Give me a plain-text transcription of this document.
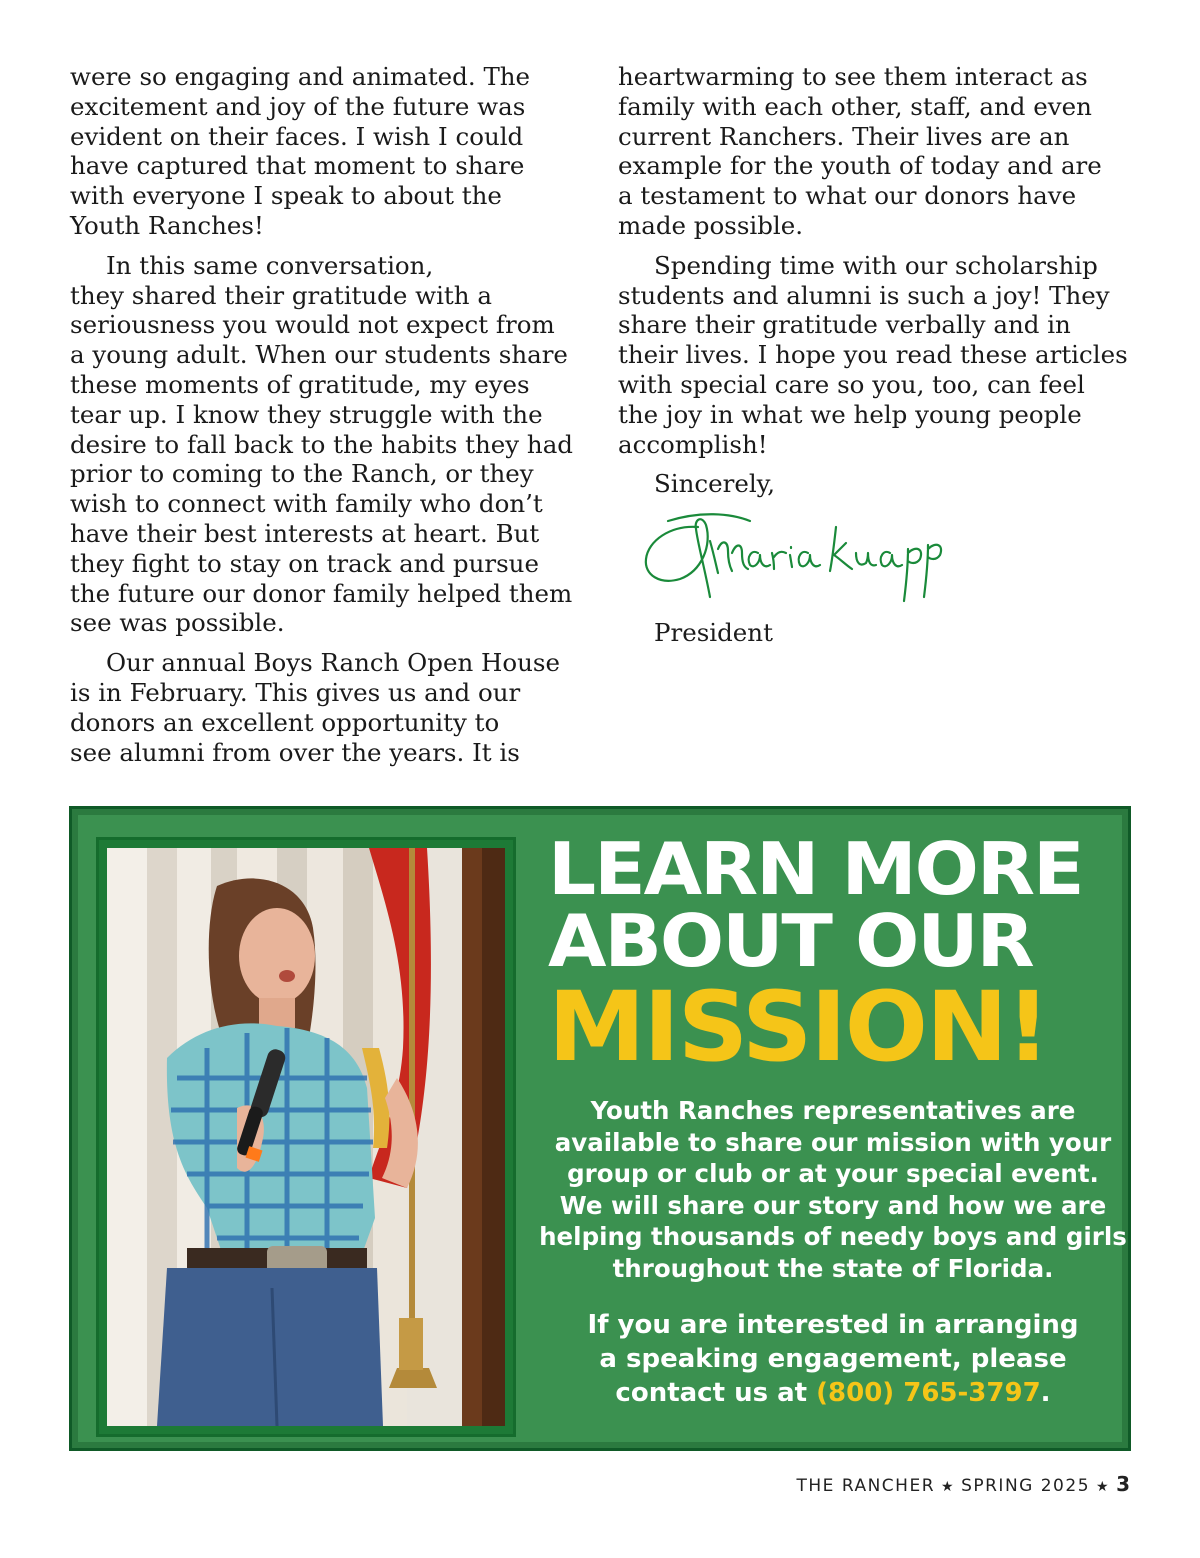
were so engaging and animated. The
excitement and joy of the future was
evident on their faces. I wish I could
have captured that moment to share
with everyone I speak to about the
Youth Ranches!

In this same conversation,
they shared their gratitude with a
seriousness you would not expect from
a young adult. When our students share
these moments of gratitude, my eyes
tear up. I know they struggle with the
desire to fall back to the habits they had
prior to coming to the Ranch, or they
wish to connect with family who don’t
have their best interests at heart. But
they fight to stay on track and pursue
the future our donor family helped them
see was possible.

Our annual Boys Ranch Open House
is in February. This gives us and our
donors an excellent opportunity to
see alumni from over the years. It is

heartwarming to see them interact as
family with each other, staff, and even
current Ranchers. Their lives are an
example for the youth of today and are
a testament to what our donors have
made possible.

Spending time with our scholarship
students and alumni is such a joy! They
share their gratitude verbally and in
their lives. I hope you read these articles
with special care so you, too, can feel
the joy in what we help young people
accomplish!

Sincerely,

President

LEARN MORE
ABOUT OUR
MISSION!

Youth Ranches representatives are
available to share our mission with your
group or club or at your special event.
We will share our story and how we are
helping thousands of needy boys and girls
throughout the state of Florida.

If you are interested in arranging
a speaking engagement, please
contact us at (800) 765-3797.

THE RANCHER ★ SPRING 2025 ★ 3
